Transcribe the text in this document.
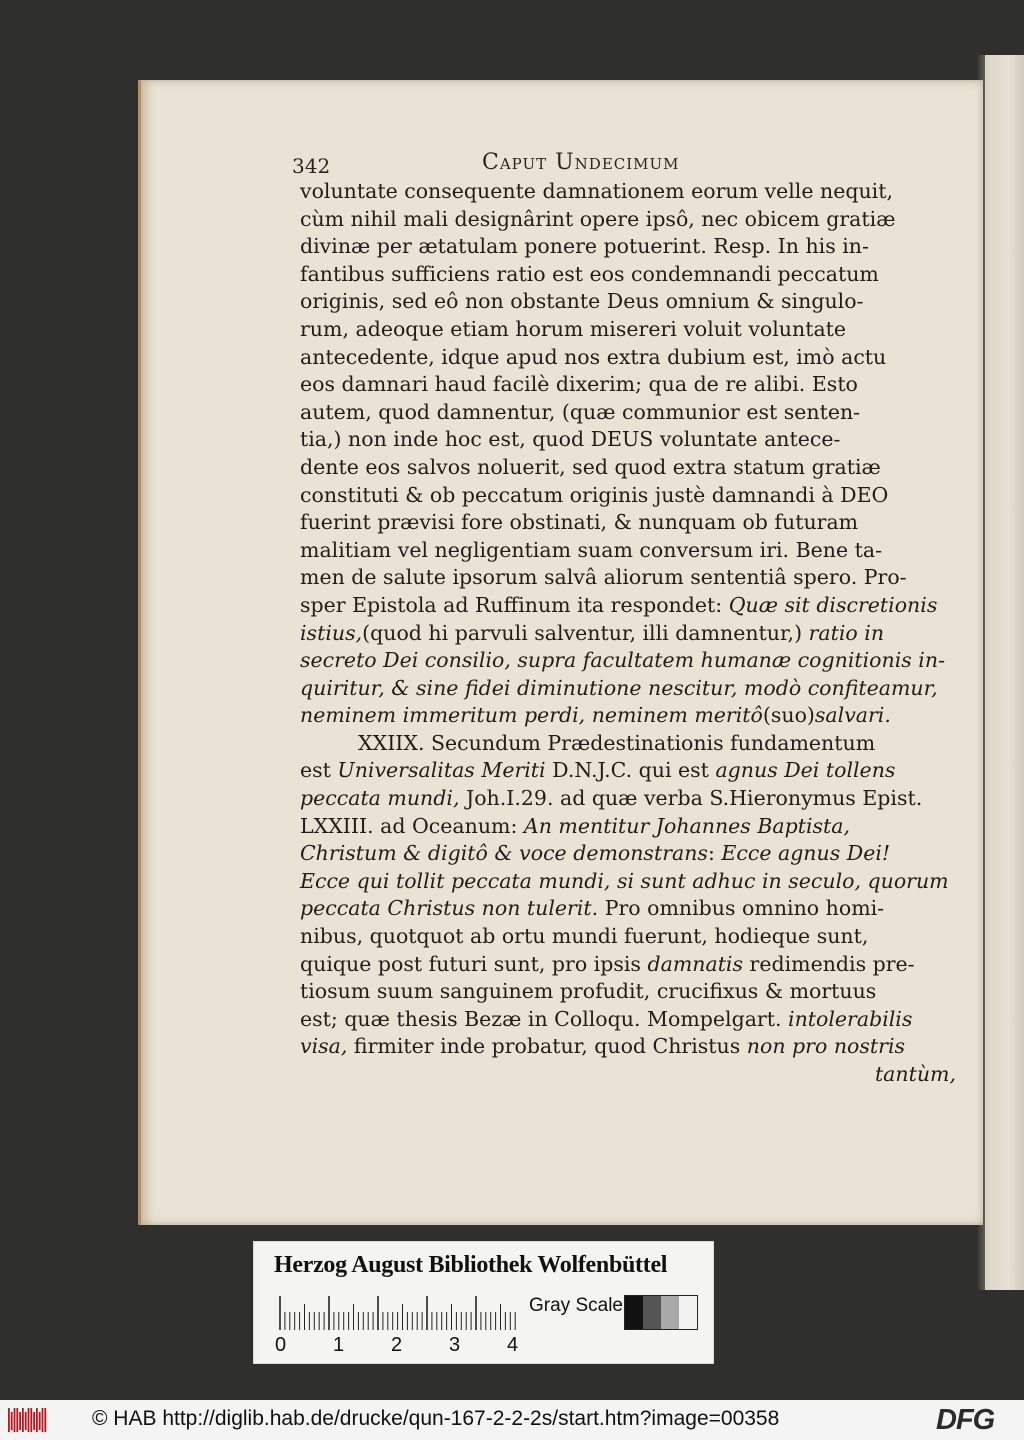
342	Caput Undecimum
voluntate consequente damnationem eorum velle nequit,
cùm nihil mali designârint opere ipsô, nec obicem gratiæ
divinæ per ætatulam ponere potuerint. Resp. In his in-
fantibus sufficiens ratio est eos condemnandi peccatum
originis, sed eô non obstante Deus omnium & singulo-
rum, adeoque etiam horum misereri voluit voluntate
antecedente, idque apud nos extra dubium est, imò actu
eos damnari haud facilè dixerim; qua de re alibi. Esto
autem, quod damnentur, (quæ communior est senten-
tia,) non inde hoc est, quod DEUS voluntate antece-
dente eos salvos noluerit, sed quod extra statum gratiæ
constituti & ob peccatum originis justè damnandi à DEO
fuerint prævisi fore obstinati, & nunquam ob futuram
malitiam vel negligentiam suam conversum iri. Bene ta-
men de salute ipsorum salvâ aliorum sententiâ spero. Pro-
sper Epistola ad Ruffinum ita respondet: Quæ sit discretionis
istius,(quod hi parvuli salventur, illi damnentur,) ratio in
secreto Dei consilio, supra facultatem humanæ cognitionis in-
quiritur, & sine fidei diminutione nescitur, modò confiteamur,
neminem immeritum perdi, neminem meritô(suo)salvari.
XXIIX. Secundum Prædestinationis fundamentum
est Universalitas Meriti D.N.J.C. qui est agnus Dei tollens
peccata mundi, Joh.I.29. ad quæ verba S.Hieronymus Epist.
LXXIII. ad Oceanum: An mentitur Johannes Baptista,
Christum & digitô & voce demonstrans: Ecce agnus Dei!
Ecce qui tollit peccata mundi, si sunt adhuc in seculo, quorum
peccata Christus non tulerit. Pro omnibus omnino homi-
nibus, quotquot ab ortu mundi fuerunt, hodieque sunt,
quique post futuri sunt, pro ipsis damnatis redimendis pre-
tiosum suum sanguinem profudit, crucifixus & mortuus
est; quæ thesis Bezæ in Colloqu. Mompelgart. intolerabilis
visa, firmiter inde probatur, quod Christus non pro nostris
tantùm,
Herzog August Bibliothek Wolfenbüttel
0 1 2 3 4
Gray Scale
© HAB http://diglib.hab.de/drucke/qun-167-2-2-2s/start.htm?image=00358	DFG
